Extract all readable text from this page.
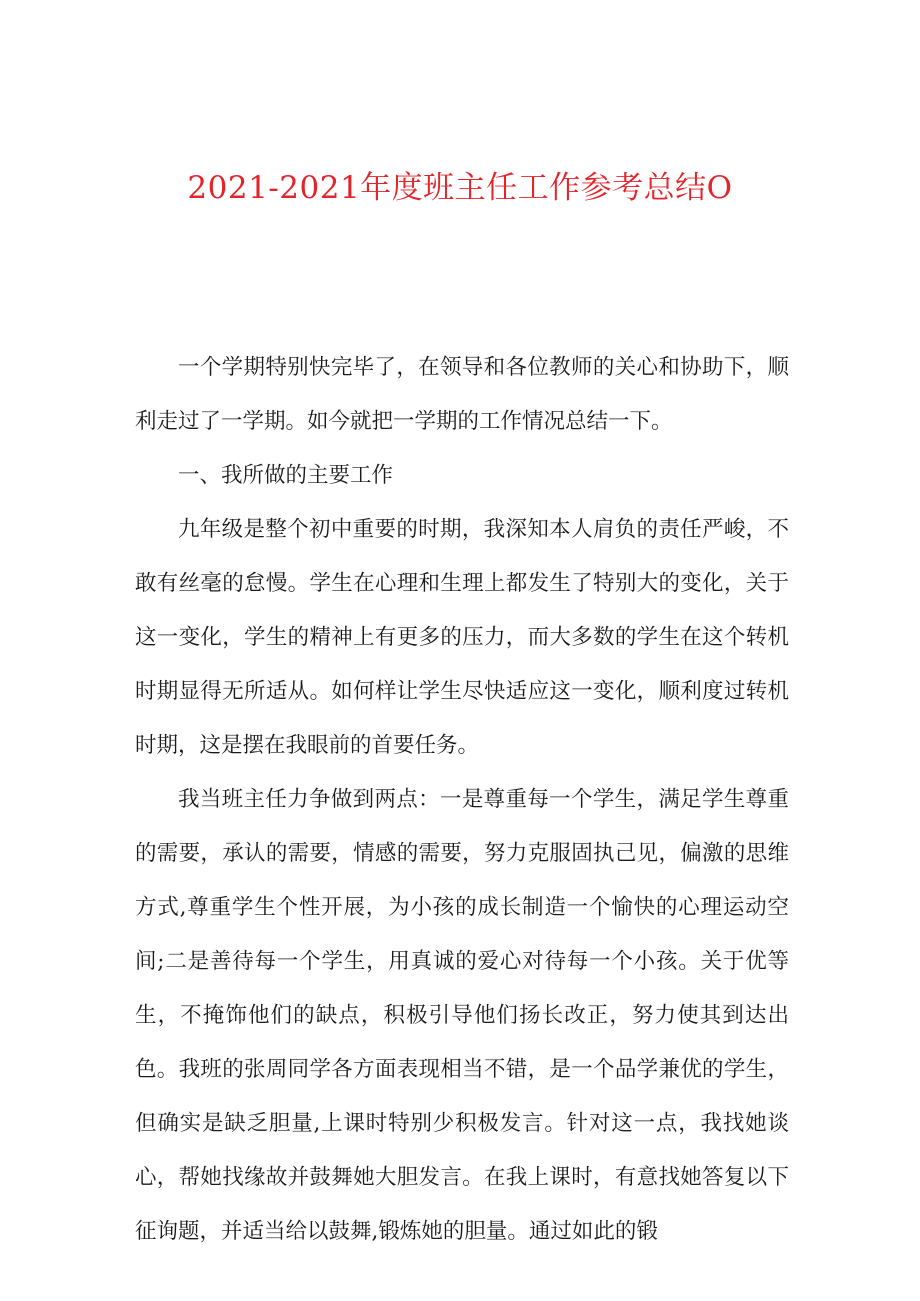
2021-2021年度班主任工作参考总结O

一个学期特别快完毕了，在领导和各位教师的关心和协助下，顺利走过了一学期。如今就把一学期的工作情况总结一下。

一、我所做的主要工作

九年级是整个初中重要的时期，我深知本人肩负的责任严峻，不敢有丝毫的怠慢。学生在心理和生理上都发生了特别大的变化，关于这一变化，学生的精神上有更多的压力，而大多数的学生在这个转机时期显得无所适从。如何样让学生尽快适应这一变化，顺利度过转机时期，这是摆在我眼前的首要任务。

我当班主任力争做到两点：一是尊重每一个学生，满足学生尊重的需要，承认的需要，情感的需要，努力克服固执己见，偏激的思维方式,尊重学生个性开展，为小孩的成长制造一个愉快的心理运动空间;二是善待每一个学生，用真诚的爱心对待每一个小孩。关于优等生，不掩饰他们的缺点，积极引导他们扬长改正，努力使其到达出色。我班的张周同学各方面表现相当不错，是一个品学兼优的学生，但确实是缺乏胆量,上课时特别少积极发言。针对这一点，我找她谈心，帮她找缘故并鼓舞她大胆发言。在我上课时，有意找她答复以下征询题，并适当给以鼓舞,锻炼她的胆量。通过如此的锻
